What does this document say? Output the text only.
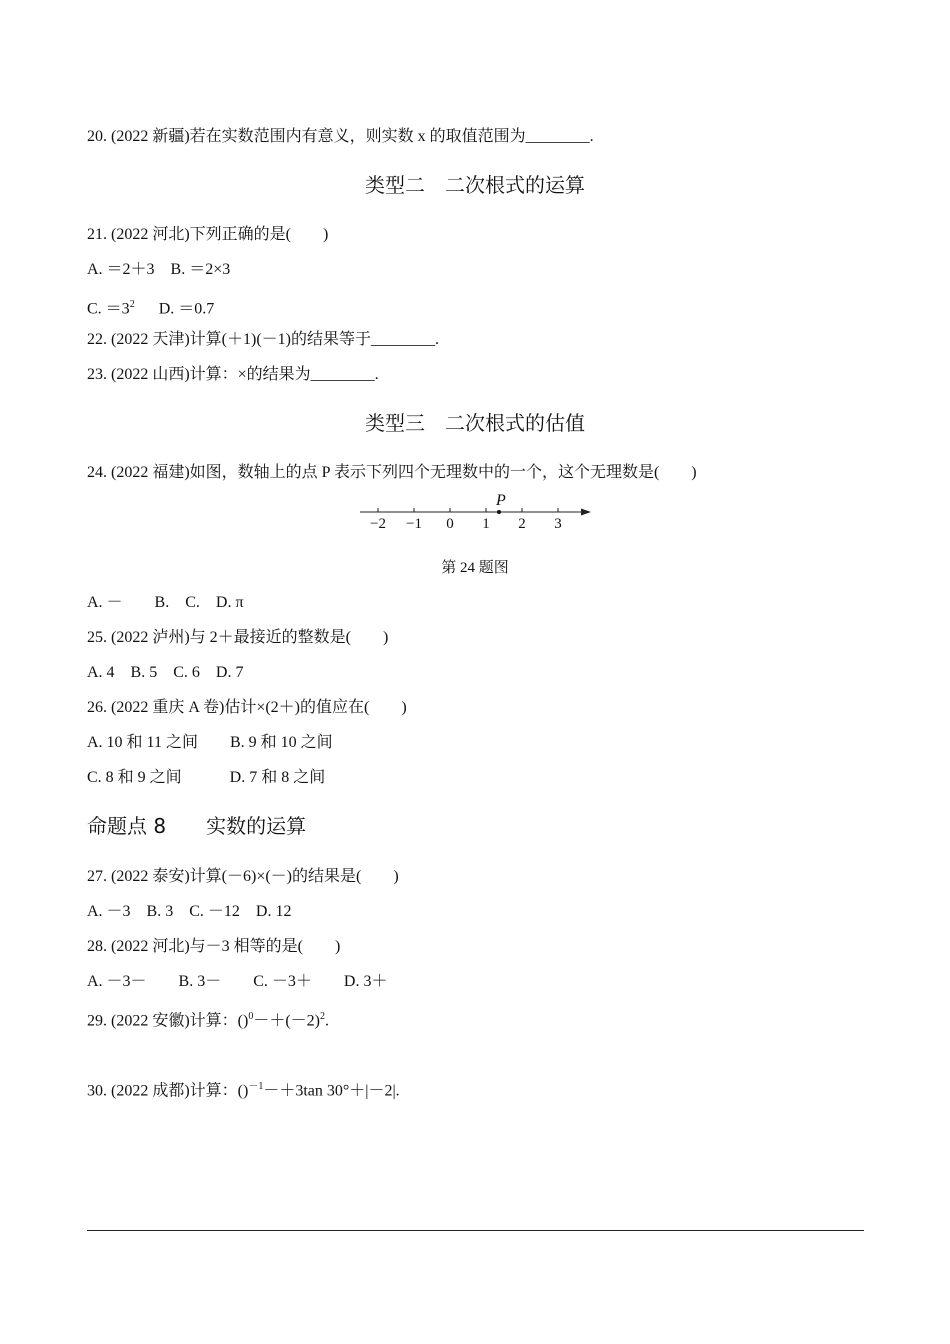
20. (2022 新疆)若在实数范围内有意义，则实数 x 的取值范围为________.
类型二　二次根式的运算
21. (2022 河北)下列正确的是(　　)
A. ＝2＋3　B. ＝2×3
C. $=3^2$　  D. ＝0.7
22. (2022 天津)计算(＋1)(－1)的结果等于________.
23. (2022 山西)计算：×的结果为________.
类型三　二次根式的估值
24. (2022 福建)如图，数轴上的点 P 表示下列四个无理数中的一个，这个无理数是(　　)
−2 −1 0 1 2 3
P
第 24 题图
A. －　　B.　C.　D. π
25. (2022 泸州)与 2＋最接近的整数是(　　)
A. 4　B. 5　C. 6　D. 7
26. (2022 重庆 A 卷)估计×(2＋)的值应在(　　)
A. 10 和 11 之间　　B. 9 和 10 之间
C. 8 和 9 之间　　　D. 7 和 8 之间
命题点 8　　实数的运算
27. (2022 泰安)计算(－6)×(－)的结果是(　　)
A. －3　B. 3　C. －12　D. 12
28. (2022 河北)与－3 相等的是(　　)
A. －3－　　B. 3－　　C. －3＋　　D. 3＋
29. (2022 安徽)计算：$()^0-+(-2)^2$.
30. (2022 成都)计算：()$^{-1}$－＋3tan 30°＋|－2|.
